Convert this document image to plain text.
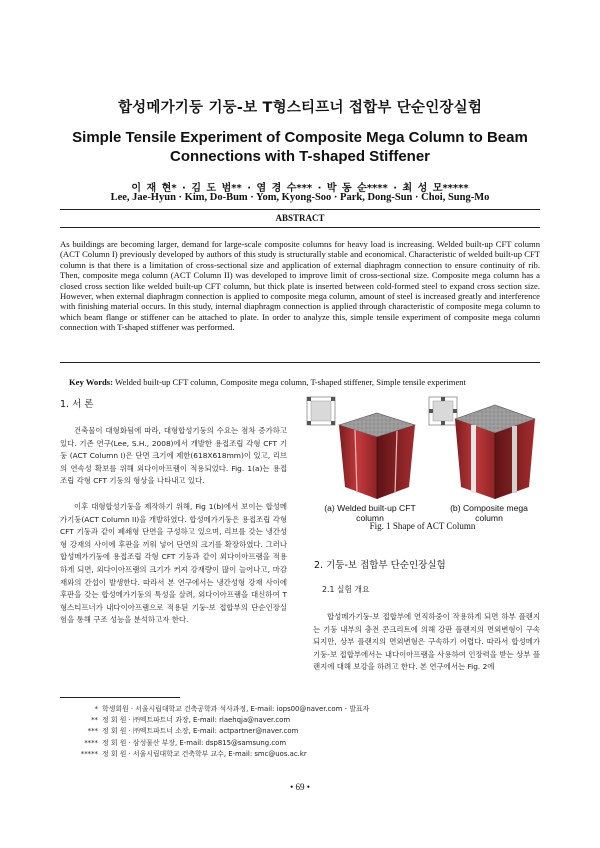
합성메가기둥 기둥-보 T형스티프너 접합부 단순인장실험
Simple Tensile Experiment of Composite Mega Column to Beam Connections with T-shaped Stiffener
이 재 현* · 김 도 범** · 염 경 수*** · 박 동 순**** · 최 성 모*****
Lee, Jae-Hyun · Kim, Do-Bum · Yom, Kyong-Soo · Park, Dong-Sun · Choi, Sung-Mo
ABSTRACT
As buildings are becoming larger, demand for large-scale composite columns for heavy load is increasing. Welded built-up CFT column (ACT Column I) previously developed by authors of this study is structurally stable and economical. Characteristic of welded built-up CFT column is that there is a limitation of cross-sectional size and application of external diaphragm connection to ensure continuity of rib. Then, composite mega column (ACT Column II) was developed to improve limit of cross-sectional size. Composite mega column has a closed cross section like welded built-up CFT column, but thick plate is inserted between cold-formed steel to expand cross section size. However, when external diaphragm connection is applied to composite mega column, amount of steel is increased greatly and interference with finishing material occurs. In this study, internal diaphragm connection is applied through characteristic of composite mega column to which beam flange or stiffener can be attached to plate. In order to analyze this, simple tensile experiment of composite mega column connection with T-shaped stiffener was performed.
Key Words: Welded built-up CFT column, Composite mega column, T-shaped stiffener, Simple tensile experiment
1. 서 론
건축물이 대형화됨에 따라, 대형합성기둥의 수요는 점차 증가하고 있다. 기존 연구(Lee, S.H., 2008)에서 개발한 용접조립 각형 CFT 기둥 (ACT Column I)은 단면 크기에 제한(618X618mm)이 있고, 리브의 연속성 확보를 위해 외다이아프램이 적용되었다. Fig. 1(a)는 용접조립 각형 CFT 기둥의 형상을 나타내고 있다.
이후 대형합성기둥을 제작하기 위해, Fig 1(b)에서 보이는 합성메가기둥(ACT Column II)을 개발하였다. 합성메가기둥은 용접조립 각형 CFT 기둥과 같이 폐쇄형 단면을 구성하고 있으며, 리브를 갖는 냉간성형 강재의 사이에 후판을 끼워 넣어 단면의 크기를 확장하였다. 그러나 합성메가기둥에 용접조립 각형 CFT 기둥과 같이 외다이아프램을 적용하게 되면, 외다이아프램의 크기가 커져 강재량이 많이 늘어나고, 마감재와의 간섭이 발생한다. 따라서 본 연구에서는 냉간성형 강재 사이에 후판을 갖는 합성메가기둥의 특성을 살려, 외다이아프램을 대신하여 T형스티프너가 내다이아프램으로 적용된 기둥-보 접합부의 단순인장실험을 통해 구조 성능을 분석하고자 한다.
(a) Welded built-up CFT column
(b) Composite mega column
Fig. 1 Shape of ACT Column
2. 기둥-보 접합부 단순인장실험
2.1 실험 개요
합성메가기둥-보 접합부에 연직하중이 작용하게 되면 하부 플랜지는 기둥 내부의 충전 콘크리트에 의해 강판 플랜지의 면외변형이 구속되지만, 상부 플랜지의 면외변형은 구속하기 어렵다. 따라서 합성메가기둥-보 접합부에서는 내다이아프램을 사용하여 인장력을 받는 상부 플랜지에 대해 보강을 하려고 한다. 본 연구에서는 Fig. 2에
* 학생회원 · 서울시립대학교 건축공학과 석사과정, E-mail: iops00@naver.com - 발표자
** 정 회 원 · ㈜엑트파트너 과장, E-mail: rlaehqja@naver.com
*** 정 회 원 · ㈜엑트파트너 소장, E-mail: actpartner@naver.com
**** 정 회 원 · 삼성물산 부장, E-mail: dsp815@samsung.com
***** 정 회 원 · 서울시립대학교 건축학부 교수, E-mail: smc@uos.ac.kr
• 69 •
